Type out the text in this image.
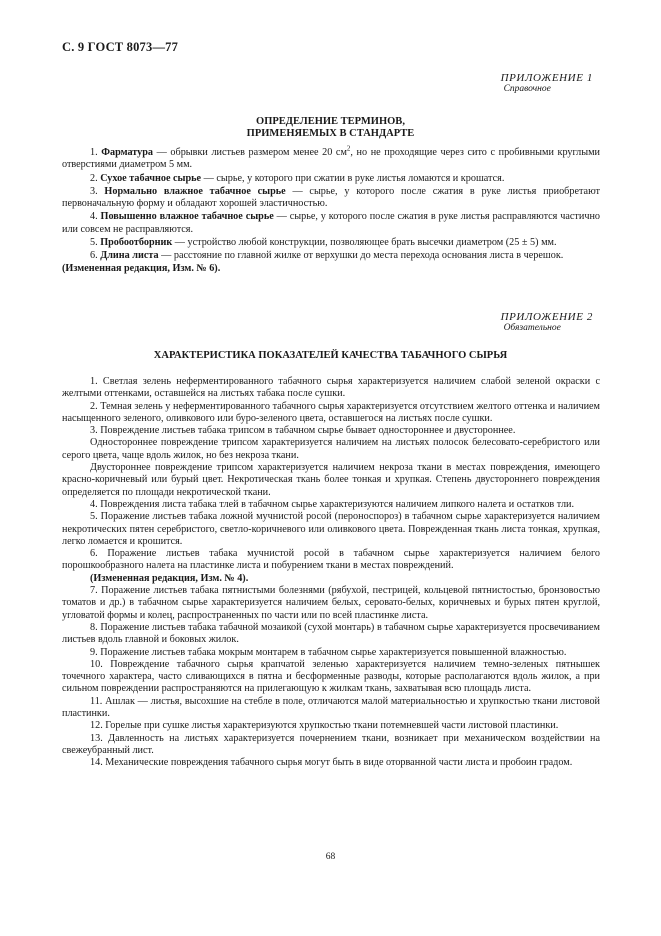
С. 9 ГОСТ 8073—77
ПРИЛОЖЕНИЕ 1
Справочное
ОПРЕДЕЛЕНИЕ ТЕРМИНОВ,
ПРИМЕНЯЕМЫХ В СТАНДАРТЕ

1. Фарматура — обрывки листьев размером менее 20 $см^2$, но не проходящие через сито с пробивными круглыми отверстиями диаметром 5 мм.

2. Сухое табачное сырье — сырье, у которого при сжатии в руке листья ломаются и крошатся.

3. Нормально влажное табачное сырье — сырье, у которого после сжатия в руке листья приобретают первоначальную форму и обладают хорошей эластичностью.

4. Повышенно влажное табачное сырье — сырье, у которого после сжатия в руке листья расправляются частично или совсем не расправляются.

5. Пробоотборник — устройство любой конструкции, позволяющее брать высечки диаметром (25 ± 5) мм.

6. Длина листа — расстояние по главной жилке от верхушки до места перехода основания листа в черешок.

(Измененная редакция, Изм. № 6).

ПРИЛОЖЕНИЕ 2
Обязательное
ХАРАКТЕРИСТИКА ПОКАЗАТЕЛЕЙ КАЧЕСТВА ТАБАЧНОГО СЫРЬЯ

1. Светлая зелень неферментированного табачного сырья характеризуется наличием слабой зеленой окраски с желтыми оттенками, оставшейся на листьях табака после сушки.

2. Темная зелень у неферментированного табачного сырья характеризуется отсутствием желтого оттенка и наличием насыщенного зеленого, оливкового или буро-зеленого цвета, оставшегося на листьях после сушки.

3. Повреждение листьев табака трипсом в табачном сырье бывает одностороннее и двустороннее.

Одностороннее повреждение трипсом характеризуется наличием на листьях полосок белесовато-серебристого или серого цвета, чаще вдоль жилок, но без некроза ткани.

Двустороннее повреждение трипсом характеризуется наличием некроза ткани в местах повреждения, имеющего красно-коричневый или бурый цвет. Некротическая ткань более тонкая и хрупкая. Степень двустороннего повреждения определяется по площади некротической ткани.

4. Повреждения листа табака тлей в табачном сырье характеризуются наличием липкого налета и остатков тли.

5. Поражение листьев табака ложной мучнистой росой (пероноспороз) в табачном сырье характеризуется наличием некротических пятен серебристого, светло-коричневого или оливкового цвета. Поврежденная ткань листа тонкая, хрупкая, легко ломается и крошится.

6. Поражение листьев табака мучнистой росой в табачном сырье характеризуется наличием белого порошкообразного налета на пластинке листа и побурением ткани в местах повреждений.

(Измененная редакция, Изм. № 4).

7. Поражение листьев табака пятнистыми болезнями (рябухой, пестрицей, кольцевой пятнистостью, бронзовостью томатов и др.) в табачном сырье характеризуется наличием белых, серовато-белых, коричневых и бурых пятен круглой, угловатой формы и колец, распространенных по части или по всей пластинке листа.

8. Поражение листьев табака табачной мозаикой (сухой монтарь) в табачном сырье характеризуется просвечиванием листьев вдоль главной и боковых жилок.

9. Поражение листьев табака мокрым монтарем в табачном сырье характеризуется повышенной влажностью.

10. Повреждение табачного сырья крапчатой зеленью характеризуется наличием темно-зеленых пятнышек точечного характера, часто сливающихся в пятна и бесформенные разводы, которые располагаются вдоль жилок, а при сильном повреждении распространяются на прилегающую к жилкам ткань, захватывая всю площадь листа.

11. Ашлак — листья, высохшие на стебле в поле, отличаются малой материальностью и хрупкостью ткани листовой пластинки.

12. Горелые при сушке листья характеризуются хрупкостью ткани потемневшей части листовой пластинки.

13. Давленность на листьях характеризуется почернением ткани, возникает при механическом воздействии на свежеубранный лист.

14. Механические повреждения табачного сырья могут быть в виде оторванной части листа и пробоин градом.

68
